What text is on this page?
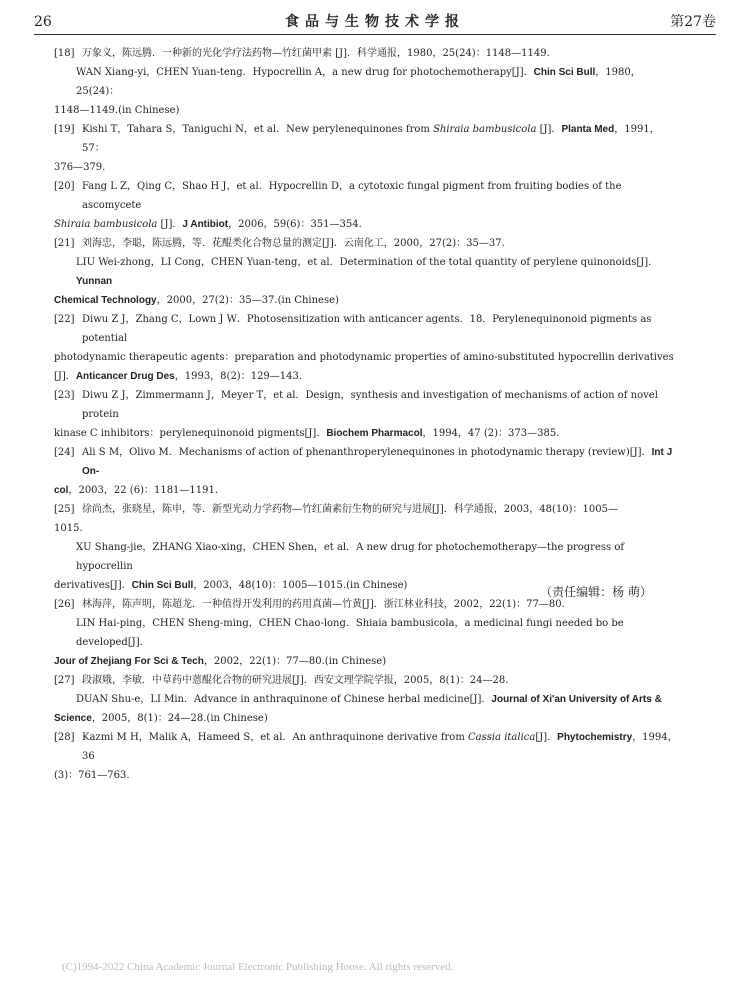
26	食品与生物技术学报	第27卷
[18] 万象义，陈远腾．一种新的光化学疗法药物—竹红菌甲素 [J]．科学通报，1980，25(24)：1148—1149.
WAN Xiang-yi，CHEN Yuan-teng．Hypocrellin A，a new drug for photochemotherapy[J]．Chin Sci Bull，1980，25(24)：
1148—1149.(in Chinese)
[19] Kishi T，Tahara S，Taniguchi N，et al．New perylenequinones from Shiraia bambusicola [J]．Planta Med，1991，57：
376—379.
[20] Fang L Z，Qing C，Shao H J，et al．Hypocrellin D，a cytotoxic fungal pigment from fruiting bodies of the ascomycete
Shiraia bambusicola [J]．J Antibiot，2006，59(6)：351—354.
[21] 刘海忠，李聪，陈远腾，等．花醌类化合物总量的测定[J]．云南化工，2000，27(2)：35—37.
LIU Wei-zhong，LI Cong，CHEN Yuan-teng，et al．Determination of the total quantity of perylene quinonoids[J]．Yunnan
Chemical Technology，2000，27(2)：35—37.(in Chinese)
[22] Diwu Z J，Zhang C，Lown J W．Photosensitization with anticancer agents．18．Perylenequinonoid pigments as potential
photodynamic therapeutic agents：preparation and photodynamic properties of amino-substituted hypocrellin derivatives
[J]．Anticancer Drug Des，1993，8(2)：129—143.
[23] Diwu Z J，Zimmermann J，Meyer T，et al．Design，synthesis and investigation of mechanisms of action of novel protein
kinase C inhibitors：perylenequinonoid pigments[J]．Biochem Pharmacol，1994，47 (2)：373—385.
[24] Ali S M，Olivo M．Mechanisms of action of phenanthroperylenequinones in photodynamic therapy (review)[J]．Int J On-
col，2003，22 (6)：1181—1191.
[25] 徐尚杰，张晓星，陈申，等．新型光动力学药物—竹红菌素衍生物的研究与进展[J]．科学通报，2003，48(10)：1005—
1015.
XU Shang-jie，ZHANG Xiao-xing，CHEN Shen，et al．A new drug for photochemotherapy—the progress of hypocrellin
derivatives[J]．Chin Sci Bull，2003，48(10)：1005—1015.(in Chinese)
[26] 林海萍，陈声明，陈超龙．一种值得开发利用的药用真菌—竹黄[J]．浙江林业科技，2002，22(1)：77—80.
LIN Hai-ping，CHEN Sheng-ming，CHEN Chao-long．Shiaia bambusicola，a medicinal fungi needed bo be developed[J]．
Jour of Zhejiang For Sci & Tech，2002，22(1)：77—80.(in Chinese)
[27] 段淑娥，李敏．中草药中蒽醌化合物的研究进展[J]．西安文理学院学报，2005，8(1)：24—28.
DUAN Shu-e，LI Min．Advance in anthraquinone of Chinese herbal medicine[J]．Journal of Xi'an University of Arts &
Science，2005，8(1)：24—28.(in Chinese)
[28] Kazmi M H，Malik A，Hameed S，et al．An anthraquinone derivative from Cassia italica[J]．Phytochemistry，1994，36
(3)：761—763.
（责任编辑：杨 萌）
(C)1994-2022 China Academic Journal Electronic Publishing House. All rights reserved.
